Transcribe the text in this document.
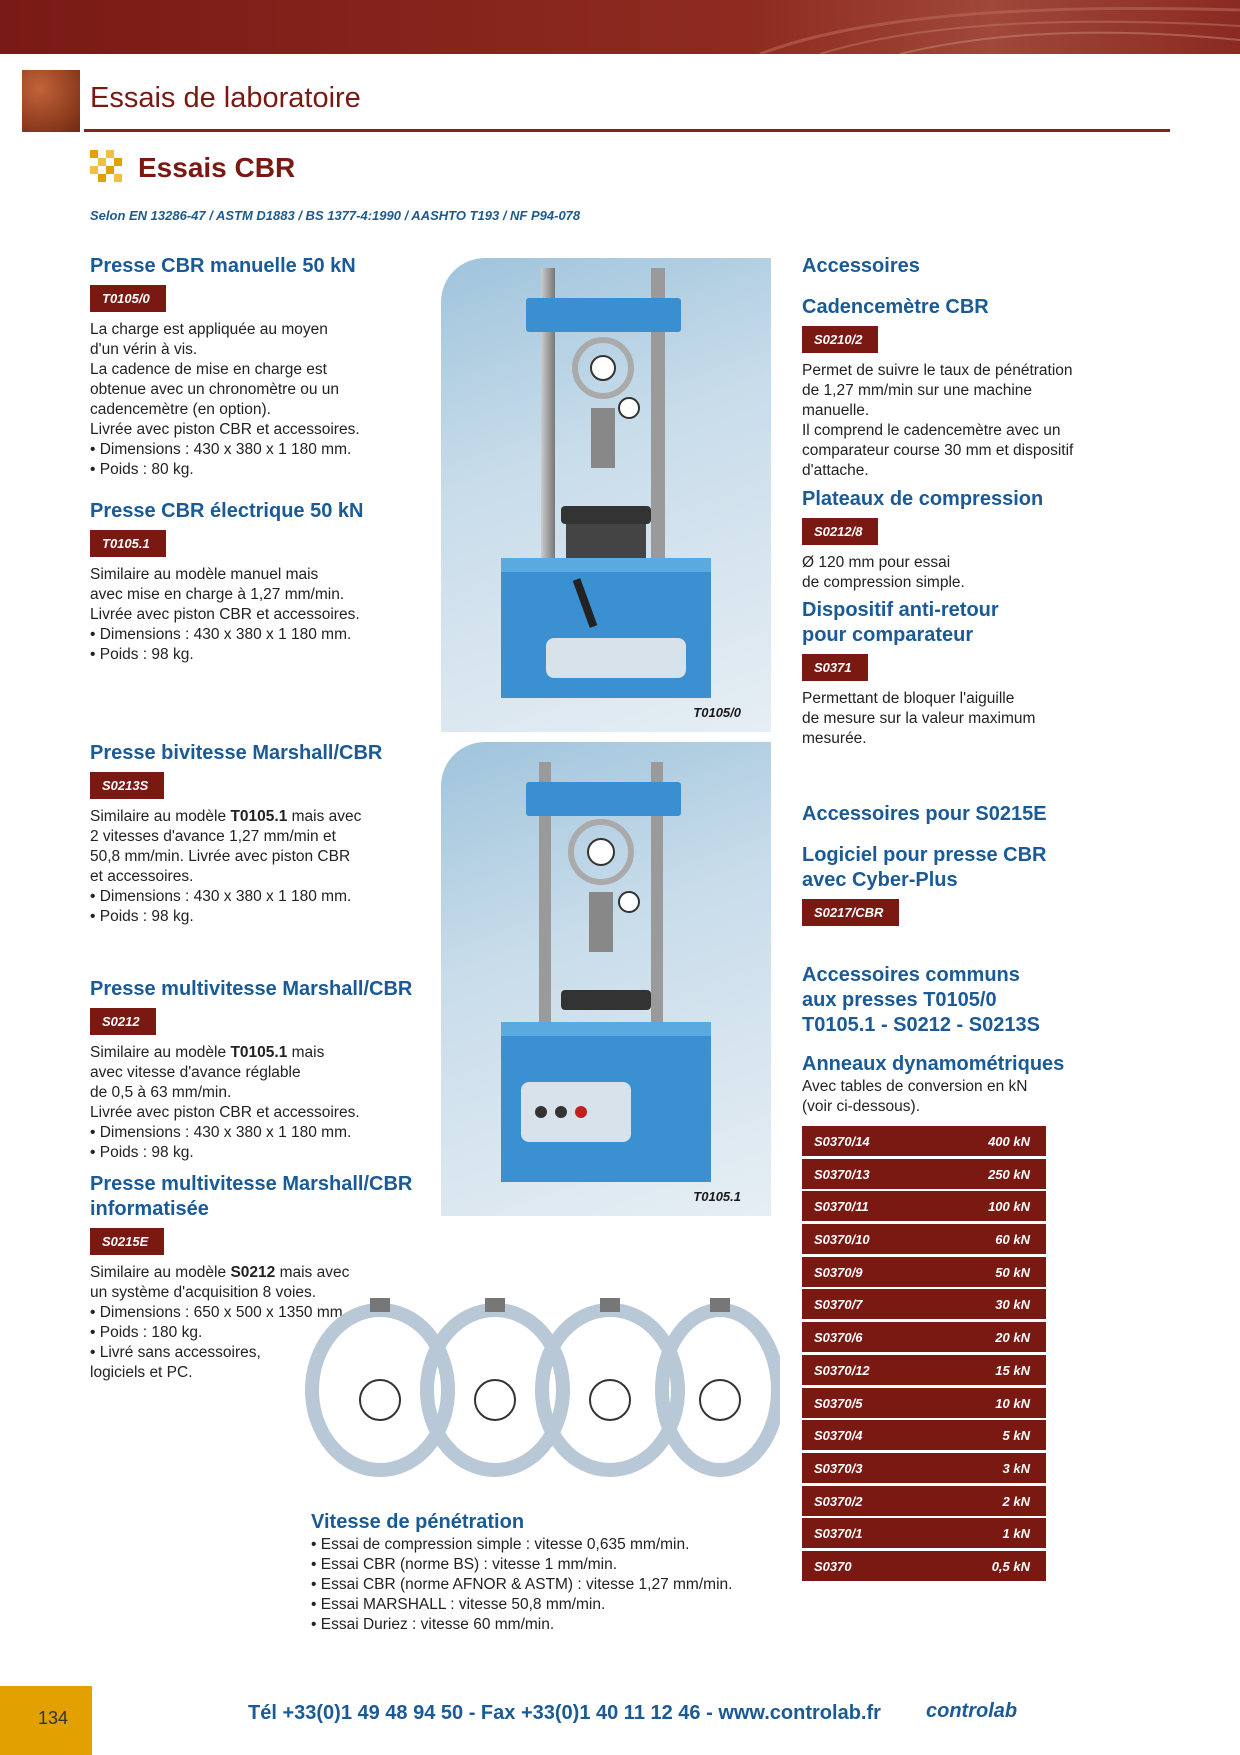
Essais de laboratoire
Essais CBR
Selon EN 13286-47 / ASTM D1883 / BS 1377-4:1990 / AASHTO T193 / NF P94-078
Presse CBR manuelle 50 kN
T0105/0
La charge est appliquée au moyen
d'un vérin à vis.
La cadence de mise en charge est
obtenue avec un chronomètre ou un
cadencemètre (en option).
Livrée avec piston CBR et accessoires.
• Dimensions : 430 x 380 x 1 180 mm.
• Poids : 80 kg.
Presse CBR électrique 50 kN
T0105.1
Similaire au modèle manuel mais
avec mise en charge à 1,27 mm/min.
Livrée avec piston CBR et accessoires.
• Dimensions : 430 x 380 x 1 180 mm.
• Poids : 98 kg.
Presse bivitesse Marshall/CBR
S0213S
Similaire au modèle T0105.1 mais avec
2 vitesses d'avance 1,27 mm/min et
50,8 mm/min. Livrée avec piston CBR
et accessoires.
• Dimensions : 430 x 380 x 1 180 mm.
• Poids : 98 kg.
Presse multivitesse Marshall/CBR
S0212
Similaire au modèle T0105.1 mais
avec vitesse d'avance réglable
de 0,5 à 63 mm/min.
Livrée avec piston CBR et accessoires.
• Dimensions : 430 x 380 x 1 180 mm.
• Poids : 98 kg.
Presse multivitesse Marshall/CBR
informatisée
S0215E
Similaire au modèle S0212 mais avec
un système d'acquisition 8 voies.
• Dimensions : 650 x 500 x 1350 mm.
• Poids : 180 kg.
• Livré sans accessoires,
logiciels et PC.
T0105/0
T0105.1
Accessoires
Cadencemètre CBR
S0210/2
Permet de suivre le taux de pénétration
de 1,27 mm/min sur une machine
manuelle.
Il comprend le cadencemètre avec un
comparateur course 30 mm et dispositif
d'attache.
Plateaux de compression
S0212/8
Ø 120 mm pour essai
de compression simple.
Dispositif anti-retour
pour comparateur
S0371
Permettant de bloquer l'aiguille
de mesure sur la valeur maximum
mesurée.
Accessoires pour S0215E
Logiciel pour presse CBR
avec Cyber-Plus
S0217/CBR
Accessoires communs
aux presses T0105/0
T0105.1 - S0212 - S0213S
Anneaux dynamométriques
Avec tables de conversion en kN
(voir ci-dessous).
S0370/14	400 kN
S0370/13	250 kN
S0370/11	100 kN
S0370/10	60 kN
S0370/9	50 kN
S0370/7	30 kN
S0370/6	20 kN
S0370/12	15 kN
S0370/5	10 kN
S0370/4	5 kN
S0370/3	3 kN
S0370/2	2 kN
S0370/1	1 kN
S0370	0,5 kN
Vitesse de pénétration
• Essai de compression simple : vitesse 0,635 mm/min.
• Essai CBR (norme BS) : vitesse 1 mm/min.
• Essai CBR (norme AFNOR & ASTM) : vitesse 1,27 mm/min.
• Essai MARSHALL : vitesse 50,8 mm/min.
• Essai Duriez : vitesse 60 mm/min.
134	Tél +33(0)1 49 48 94 50 - Fax +33(0)1 40 11 12 46 - www.controlab.fr controlab
